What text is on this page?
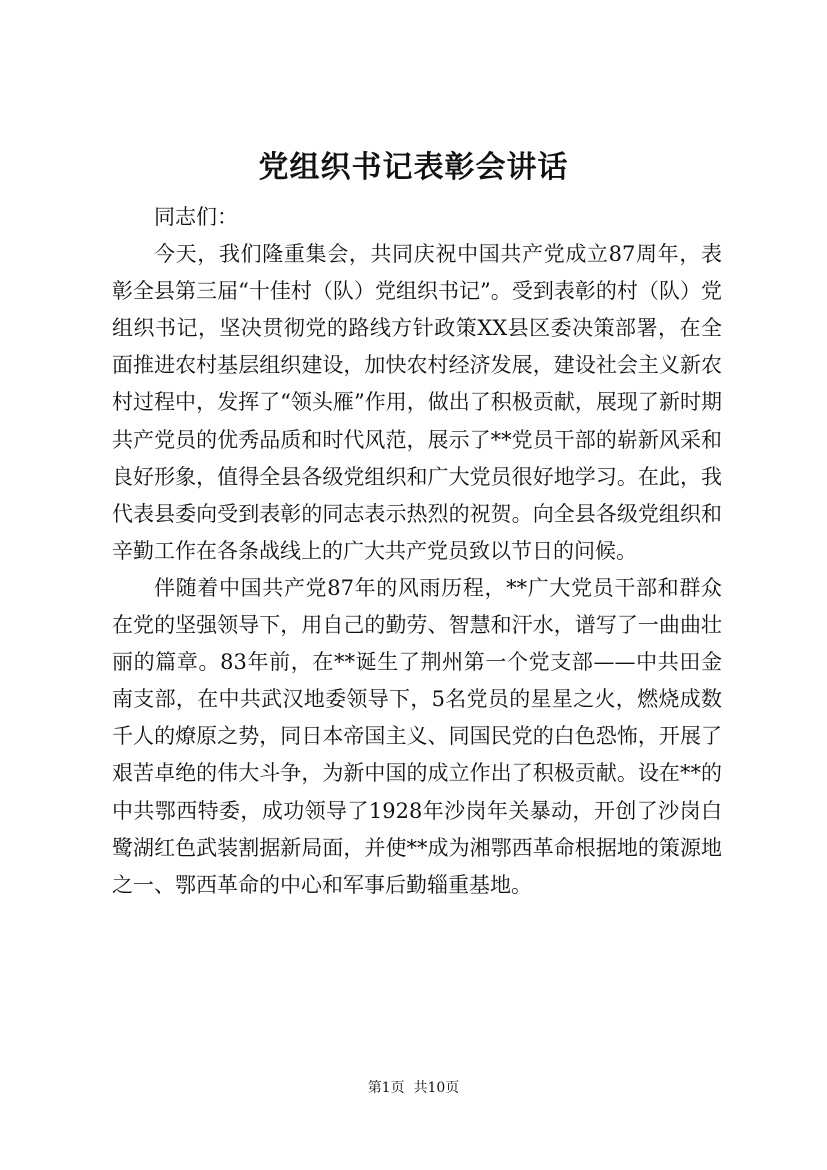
党组织书记表彰会讲话

同志们：

今天，我们隆重集会，共同庆祝中国共产党成立87周年，表彰全县第三届“十佳村（队）党组织书记”。受到表彰的村（队）党组织书记，坚决贯彻党的路线方针政策XX县区委决策部署，在全面推进农村基层组织建设，加快农村经济发展，建设社会主义新农村过程中，发挥了“领头雁”作用，做出了积极贡献，展现了新时期共产党员的优秀品质和时代风范，展示了**党员干部的崭新风采和良好形象，值得全县各级党组织和广大党员很好地学习。在此，我代表县委向受到表彰的同志表示热烈的祝贺。向全县各级党组织和辛勤工作在各条战线上的广大共产党员致以节日的问候。

伴随着中国共产党87年的风雨历程，**广大党员干部和群众在党的坚强领导下，用自己的勤劳、智慧和汗水，谱写了一曲曲壮丽的篇章。83年前，在**诞生了荆州第一个党支部——中共田金南支部，在中共武汉地委领导下，5名党员的星星之火，燃烧成数千人的燎原之势，同日本帝国主义、同国民党的白色恐怖，开展了艰苦卓绝的伟大斗争，为新中国的成立作出了积极贡献。设在**的中共鄂西特委，成功领导了1928年沙岗年关暴动，开创了沙岗白鹭湖红色武装割据新局面，并使**成为湘鄂西革命根据地的策源地之一、鄂西革命的中心和军事后勤辎重基地。

第1页  共10页
